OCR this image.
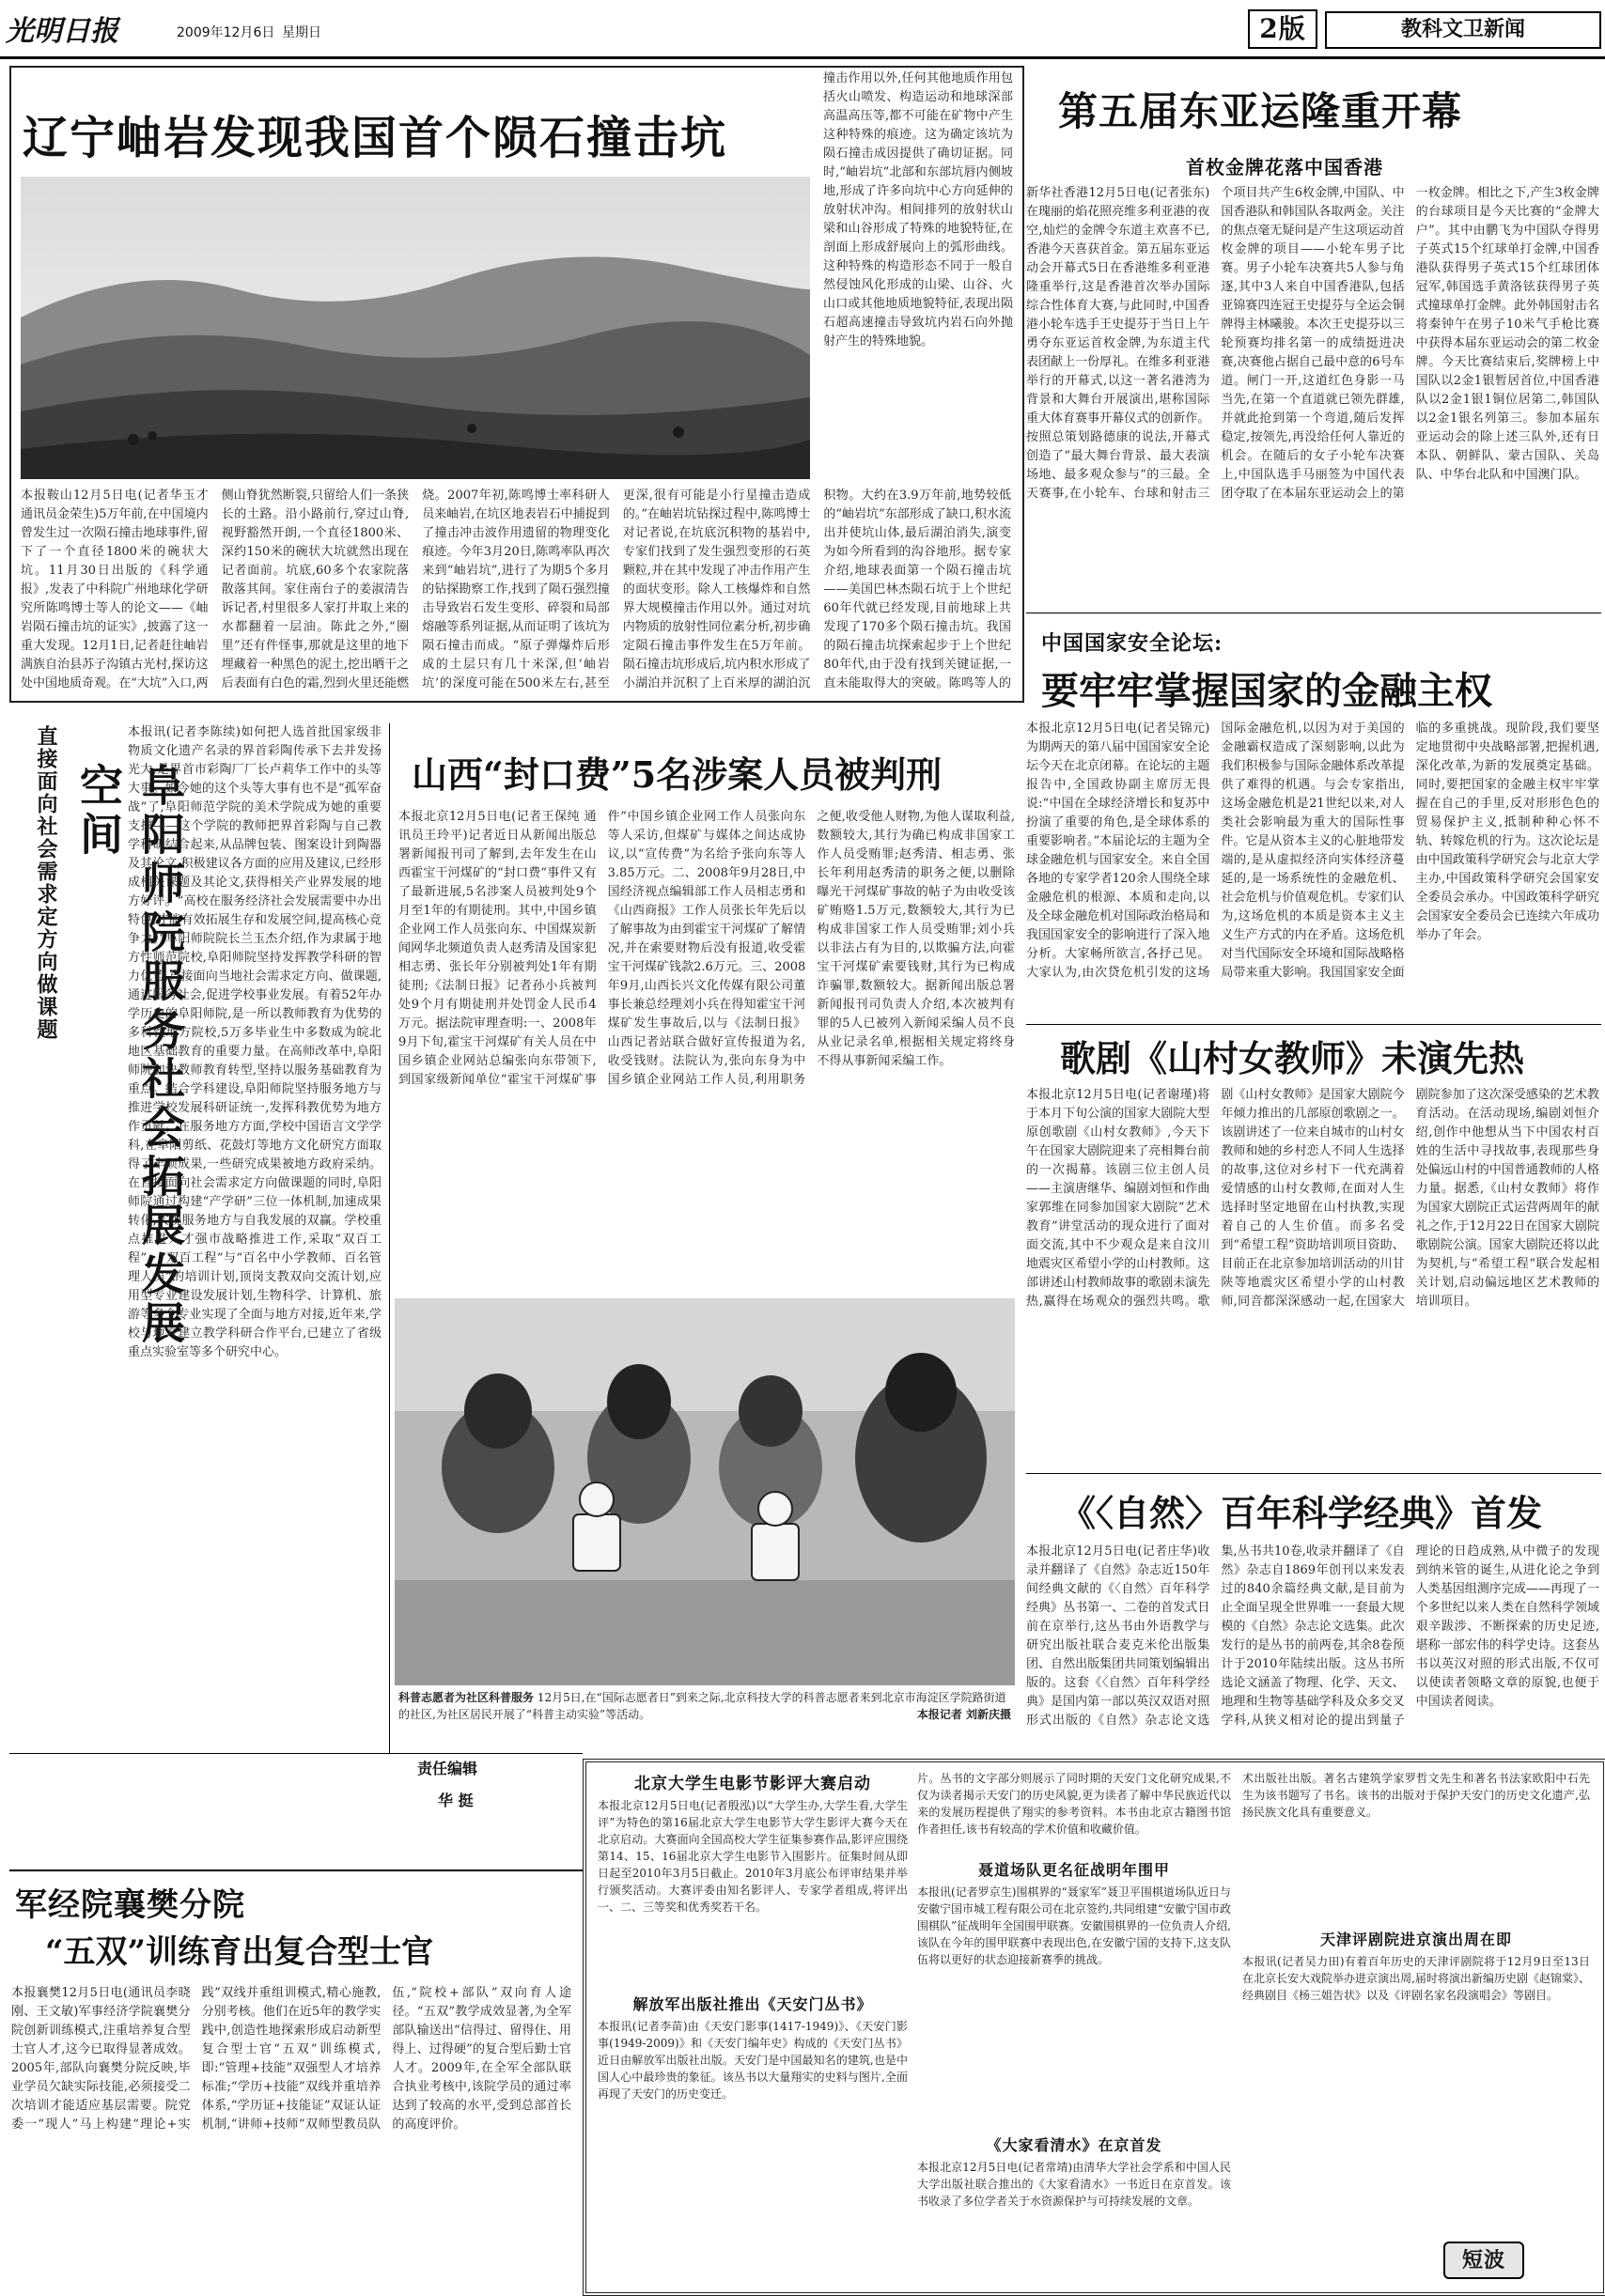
光明日报	2009年12月6日 星期日	2版	教科文卫新闻
辽宁岫岩发现我国首个陨石撞击坑
撞击作用以外,任何其他地质作用包括火山喷发、构造运动和地球深部高温高压等,都不可能在矿物中产生这种特殊的痕迹。这为确定该坑为陨石撞击成因提供了确切证据。同时,“岫岩坑”北部和东部坑唇内侧坡地,形成了许多向坑中心方向延伸的放射状冲沟。相间排列的放射状山梁和山谷形成了特殊的地貌特征,在剖面上形成舒展向上的弧形曲线。这种特殊的构造形态不同于一般自然侵蚀风化形成的山梁、山谷、火山口或其他地质地貌特征,表现出陨石超高速撞击导致坑内岩石向外抛射产生的特殊地貌。
本报鞍山12月5日电(记者华玉才 通讯员金荣生)5万年前,在中国境内曾发生过一次陨石撞击地球事件,留下了一个直径1800米的碗状大坑。11月30日出版的《科学通报》,发表了中科院广州地球化学研究所陈鸣博士等人的论文——《岫岩陨石撞击坑的证实》,披露了这一重大发现。12月1日,记者赶往岫岩满族自治县苏子沟镇古光村,探访这处中国地质奇观。在“大坑”入口,两侧山脊犹然断裂,只留给人们一条狭长的土路。沿小路前行,穿过山脊,视野豁然开朗,一个直径1800米、深约150米的碗状大坑就然出现在记者面前。坑底,60多个农家院落散落其间。家住南台子的姜淑清告诉记者,村里很多人家打井取上来的水都翻着一层油。陈此之外,“圈里”还有件怪事,那就是这里的地下埋藏着一种黑色的泥土,挖出晒干之后表面有白色的霜,烈到火里还能燃烧。2007年初,陈鸣博士率科研人员来岫岩,在坑区地表岩石中捕捉到了撞击冲击波作用遗留的物理变化痕迹。今年3月20日,陈鸣率队再次来到“岫岩坑”,进行了为期5个多月的钻探勘察工作,找到了陨石强烈撞击导致岩石发生变形、碎裂和局部熔融等系列证据,从而证明了该坑为陨石撞击而成。“原子弹爆炸后形成的土层只有几十米深,但‘岫岩坑’的深度可能在500米左右,甚至更深,很有可能是小行星撞击造成的。”在岫岩坑钻探过程中,陈鸣博士对记者说,在坑底沉积物的基岩中,专家们找到了发生强烈变形的石英颗粒,并在其中发现了冲击作用产生的面状变形。除人工核爆炸和自然界大规模撞击作用以外。通过对坑内物质的放射性同位素分析,初步确定陨石撞击事件发生在5万年前。陨石撞击坑形成后,坑内积水形成了小湖泊并沉积了上百米厚的湖泊沉积物。大约在3.9万年前,地势较低的“岫岩坑”东部形成了缺口,积水流出并使坑山体,最后湖泊消失,演变为如今所看到的沟谷地形。据专家介绍,地球表面第一个陨石撞击坑——美国巴林杰陨石坑于上个世纪60年代就已经发现,目前地球上共发现了170多个陨石撞击坑。我国的陨石撞击坑探索起步于上个世纪80年代,由于没有找到关键证据,一直未能取得大的突破。陈鸣等人的
第五届东亚运隆重开幕
首枚金牌花落中国香港
新华社香港12月5日电(记者张东)在瑰丽的焰花照亮维多利亚港的夜空,灿烂的金牌令东道主欢喜不已,香港今天喜获首金。第五届东亚运动会开幕式5日在香港维多利亚港隆重举行,这是香港首次举办国际综合性体育大赛,与此同时,中国香港小轮车选手王史提芬于当日上午勇夺东亚运首枚金牌,为东道主代表团献上一份厚礼。在维多利亚港举行的开幕式,以这一著名港湾为背景和大舞台开展演出,堪称国际重大体育赛事开幕仪式的创新作。按照总策划路德康的说法,开幕式创造了“最大舞台背景、最大表演场地、最多观众参与”的三最。全天赛事,在小轮车、台球和射击三个项目共产生6枚金牌,中国队、中国香港队和韩国队各取两金。关注的焦点毫无疑问是产生这项运动首枚金牌的项目——小轮车男子比赛。男子小轮车决赛共5人参与角逐,其中3人来自中国香港队,包括亚锦赛四连冠王史提芬与全运会铜牌得主林曦骏。本次王史提芬以三轮预赛均排名第一的成绩挺进决赛,决赛他占据自己最中意的6号车道。闸门一开,这道红色身影一马当先,在第一个直道就已领先群雄,并就此抢到第一个弯道,随后发挥稳定,按领先,再没给任何人靠近的机会。在随后的女子小轮车决赛上,中国队选手马丽签为中国代表团夺取了在本届东亚运动会上的第一枚金牌。相比之下,产生3枚金牌的台球项目是今天比赛的“金牌大户”。其中由鹏飞为中国队夺得男子英式15个红球单打金牌,中国香港队获得男子英式15个红球团体冠军,韩国选手黄洛铉获得男子英式撞球单打金牌。此外韩国射击名将秦钟午在男子10米气手枪比赛中获得本届东亚运动会的第二枚金牌。今天比赛结束后,奖牌榜上中国队以2金1银暂居首位,中国香港队以2金1银1铜位居第二,韩国队以2金1银名列第三。参加本届东亚运动会的除上述三队外,还有日本队、朝鲜队、蒙古国队、关岛队、中华台北队和中国澳门队。
中国国家安全论坛:
要牢牢掌握国家的金融主权
本报北京12月5日电(记者吴锦元)为期两天的第八届中国国家安全论坛今天在北京闭幕。在论坛的主题报告中,全国政协副主席厉无畏说:“中国在全球经济增长和复苏中扮演了重要的角色,是全球体系的重要影响者。”本届论坛的主题为全球金融危机与国家安全。来自全国各地的专家学者120余人围绕全球金融危机的根源、本质和走向,以及全球金融危机对国际政治格局和我国国家安全的影响进行了深入地分析。大家畅所欲言,各抒己见。大家认为,由次贷危机引发的这场国际金融危机,以因为对于美国的金融霸权造成了深刻影响,以此为我们积极参与国际金融体系改革提供了难得的机遇。与会专家指出,这场金融危机是21世纪以来,对人类社会影响最为重大的国际性事件。它是从资本主义的心脏地带发端的,是从虚拟经济向实体经济蔓延的,是一场系统性的金融危机、社会危机与价值观危机。专家们认为,这场危机的本质是资本主义主义生产方式的内在矛盾。这场危机对当代国际安全环境和国际战略格局带来重大影响。我国国家安全面临的多重挑战。现阶段,我们要坚定地贯彻中央战略部署,把握机遇,深化改革,为新的发展奠定基础。同时,要把国家的金融主权牢牢掌握在自己的手里,反对形形色色的贸易保护主义,抵制种种心怀不轨、转嫁危机的行为。这次论坛是由中国政策科学研究会与北京大学主办,中国政策科学研究会国家安全委员会承办。中国政策科学研究会国家安全委员会已连续六年成功举办了年会。
阜阳师院服务社会拓展发展空间
直接面向社会需求定方向做课题	本报讯(记者李陈续)如何把人选首批国家级非物质文化遗产名录的界首彩陶传承下去并发扬光大,是界首市彩陶厂厂长卢莉华工作中的头等大事。如今她的这个头等大事有也不是“孤军奋战”了,阜阳师范学院的美术学院成为她的重要支撑——这个学院的教师把界首彩陶与自己教学科研结合起来,从品牌包装、图案设计到陶器及其论文,积极建议各方面的应用及建议,已经形成相关课题及其论文,获得相关产业界发展的地方好评。“高校在服务经济社会发展需要中办出特色,才能有效拓展生存和发展空间,提高核心竞争力。”阜阳师院院长兰玉杰介绍,作为隶属于地方性师范院校,阜阳师院坚持发挥教学科研的智力优势,直接面向当地社会需求定方向、做课题,通过服务社会,促进学校事业发展。有着52年办学历史的阜阳师院,是一所以教师教育为优势的多科性地方院校,5万多毕业生中多数成为皖北地区基础教育的重要力量。在高师改革中,阜阳师院加快教师教育转型,坚持以服务基础教育为重点。结合学科建设,阜阳师院坚持服务地方与推进学校发展科研证统一,发挥科教优势为地方作贡献。在服务地方方面,学校中国语言文学学科,在阜阳剪纸、花鼓灯等地方文化研究方面取得了丰硕成果,一些研究成果被地方政府采纳。在直接面向社会需求定方向做课题的同时,阜阳师院通过构建“产学研”三位一体机制,加速成果转化,实现服务地方与自我发展的双赢。学校重点推进人才强市战略推进工作,采取“双百工程”、“双百工程”与“百名中小学教师、百名管理人员”的培训计划,顶岗支教双向交流计划,应用型专业建设发展计划,生物科学、计算机、旅游等多个专业实现了全面与地方对接,近年来,学校与地方建立教学科研合作平台,已建立了省级重点实验室等多个研究中心。
山西“封口费”5名涉案人员被判刑
本报北京12月5日电(记者王保纯 通讯员王玲平)记者近日从新闻出版总署新闻报刊司了解到,去年发生在山西霍宝干河煤矿的“封口费”事件又有了最新进展,5名涉案人员被判处9个月至1年的有期徒刑。其中,中国乡镇企业网工作人员张向东、中国煤炭新闻网华北频道负责人赵秀清及国家犯相志勇、张长年分别被判处1年有期徒刑;《法制日报》记者孙小兵被判处9个月有期徒刑并处罚金人民币4万元。据法院审理查明:一、2008年9月下旬,霍宝干河煤矿有关人员在中国乡镇企业网站总编张向东带领下,到国家级新闻单位“霍宝干河煤矿事件”中国乡镇企业网工作人员张向东等人采访,但煤矿与媒体之间达成协议,以“宣传费”为名给予张向东等人3.85万元。二、2008年9月28日,中国经济视点编辑部工作人员相志勇和《山西商报》工作人员张长年先后以了解事故为由到霍宝干河煤矿了解情况,并在索要财物后没有报道,收受霍宝干河煤矿钱款2.6万元。三、2008年9月,山西长兴文化传媒有限公司董事长兼总经理刘小兵在得知霍宝干河煤矿发生事故后,以与《法制日报》山西记者站联合做好宣传报道为名,收受钱财。法院认为,张向东身为中国乡镇企业网站工作人员,利用职务之便,收受他人财物,为他人谋取利益,数额较大,其行为确已构成非国家工作人员受贿罪;赵秀清、相志勇、张长年利用赵秀清的职务之便,以删除曝光干河煤矿事故的帖子为由收受该矿贿赂1.5万元,数额较大,其行为已构成非国家工作人员受贿罪;刘小兵以非法占有为目的,以欺骗方法,向霍宝干河煤矿索要钱财,其行为已构成诈骗罪,数额较大。据新闻出版总署新闻报刊司负责人介绍,本次被判有罪的5人已被列入新闻采编人员不良从业记录名单,根据相关规定将终身不得从事新闻采编工作。
科普志愿者为社区科普服务 12月5日,在“国际志愿者日”到来之际,北京科技大学的科普志愿者来到北京市海淀区学院路街道的社区,为社区居民开展了“科普主动实验”等活动。	本报记者 刘新庆摄
歌剧《山村女教师》未演先热
本报北京12月5日电(记者谢瑾)将于本月下旬公演的国家大剧院大型原创歌剧《山村女教师》,今天下午在国家大剧院迎来了亮相舞台前的一次揭幕。该剧三位主创人员——主演唐继华、编剧刘恒和作曲家郭维在同参加国家大剧院“艺术教育”讲堂活动的现众进行了面对面交流,其中不少观众是来自汶川地震灾区希望小学的山村教师。这部讲述山村教师故事的歌剧未演先热,赢得在场观众的强烈共鸣。歌剧《山村女教师》是国家大剧院今年倾力推出的几部原创歌剧之一。该剧讲述了一位来自城市的山村女教师和她的乡村恋人不同人生选择的故事,这位对乡村下一代充满着爱情感的山村女教师,在面对人生选择时坚定地留在山村执教,实现着自己的人生价值。而多名受到“希望工程”资助培训项目资助、目前正在北京参加培训活动的川甘陕等地震灾区希望小学的山村教师,同音都深深感动一起,在国家大剧院参加了这次深受感染的艺术教育活动。在活动现场,编剧刘恒介绍,创作中他想从当下中国农村百姓的生活中寻找故事,表现那些身处偏远山村的中国普通教师的人格力量。据悉,《山村女教师》将作为国家大剧院正式运营两周年的献礼之作,于12月22日在国家大剧院歌剧院公演。国家大剧院还将以此为契机,与“希望工程”联合发起相关计划,启动偏远地区艺术教师的培训项目。
《〈自然〉百年科学经典》首发
本报北京12月5日电(记者庄华)收录并翻译了《自然》杂志近150年间经典文献的《〈自然〉百年科学经典》丛书第一、二卷的首发式日前在京举行,这丛书由外语教学与研究出版社联合麦克米伦出版集团、自然出版集团共同策划编辑出版的。这套《〈自然〉百年科学经典》是国内第一部以英汉双语对照形式出版的《自然》杂志论文选集,丛书共10卷,收录并翻译了《自然》杂志自1869年创刊以来发表过的840余篇经典文献,是目前为止全面呈现全世界唯一一套最大规模的《自然》杂志论文选集。此次发行的是丛书的前两卷,其余8卷预计于2010年陆续出版。这丛书所选论文涵盖了物理、化学、天文、地理和生物等基础学科及众多交叉学科,从狭义相对论的提出到量子理论的日趋成熟,从中微子的发现到纳米管的诞生,从进化论之争到人类基因组测序完成——再现了一个多世纪以来人类在自然科学领域艰辛跋涉、不断探索的历史足迹,堪称一部宏伟的科学史诗。这套丛书以英汉对照的形式出版,不仅可以使读者领略文章的原貌,也便于中国读者阅读。
责任编辑
华 挺
军经院襄樊分院
“五双”训练育出复合型士官
本报襄樊12月5日电(通讯员李晓刚、王文敏)军事经济学院襄樊分院创新训练模式,注重培养复合型士官人才,这今已取得显著成效。2005年,部队向襄樊分院反映,毕业学员欠缺实际技能,必须接受二次培训才能适应基层需要。院党委一“现人”马上构建“理论+实践”双线并重组训模式,精心施教,分别考核。他们在近5年的教学实践中,创造性地探索形成启动新型复合型士官“五双”训练模式,即:“管理+技能”双强型人才培养标准;“学历+技能”双线并重培养体系,“学历证+技能证”双证认证机制,“讲师+技师”双师型教员队伍,“院校+部队”双向育人途径。“五双”教学成效显著,为全军部队输送出“信得过、留得住、用得上、过得硬”的复合型后勤士官人才。2009年,在全军全部队联合执业考核中,该院学员的通过率达到了较高的水平,受到总部首长的高度评价。
北京大学生电影节影评大赛启动
本报北京12月5日电(记者殷泓)以“大学生办,大学生看,大学生评”为特色的第16届北京大学生电影节大学生影评大赛今天在北京启动。大赛面向全国高校大学生征集参赛作品,影评应围绕第14、15、16届北京大学生电影节入围影片。征集时间从即日起至2010年3月5日截止。2010年3月底公布评审结果并举行颁奖活动。大赛评委由知名影评人、专家学者组成,将评出一、二、三等奖和优秀奖若干名。
解放军出版社推出《天安门丛书》
本报讯(记者李苗)由《天安门影事(1417-1949)》、《天安门影事(1949-2009)》和《天安门编年史》构成的《天安门丛书》近日由解放军出版社出版。天安门是中国最知名的建筑,也是中国人心中最珍贵的象征。该丛书以大量翔实的史料与图片,全面再现了天安门的历史变迁。
片。丛书的文字部分则展示了同时期的天安门文化研究成果,不仅为读者揭示天安门的历史风貌,更为读者了解中华民族近代以来的发展历程提供了翔实的参考资料。本书由北京古籍图书馆作者担任,该书有较高的学术价值和收藏价值。
聂道场队更名征战明年围甲
本报讯(记者罗京生)围棋界的“聂家军”聂卫平围棋道场队近日与安徽宁国市城工程有限公司在北京签约,共同组建“安徽宁国市政围棋队”征战明年全国围甲联赛。安徽围棋界的一位负责人介绍,该队在今年的围甲联赛中表现出色,在安徽宁国的支持下,这支队伍将以更好的状态迎接新赛季的挑战。
《大家看清水》在京首发
本报北京12月5日电(记者常靖)由清华大学社会学系和中国人民大学出版社联合推出的《大家看清水》一书近日在京首发。该书收录了多位学者关于水资源保护与可持续发展的文章。
术出版社出版。著名古建筑学家罗哲文先生和著名书法家欧阳中石先生为该书题写了书名。该书的出版对于保护天安门的历史文化遗产,弘扬民族文化具有重要意义。
天津评剧院进京演出周在即
本报讯(记者吴力田)有着百年历史的天津评剧院将于12月9日至13日在北京长安大戏院举办进京演出周,届时将演出新编历史剧《赵锦棠》、经典剧目《杨三姐告状》以及《评剧名家名段演唱会》等剧目。
短波
